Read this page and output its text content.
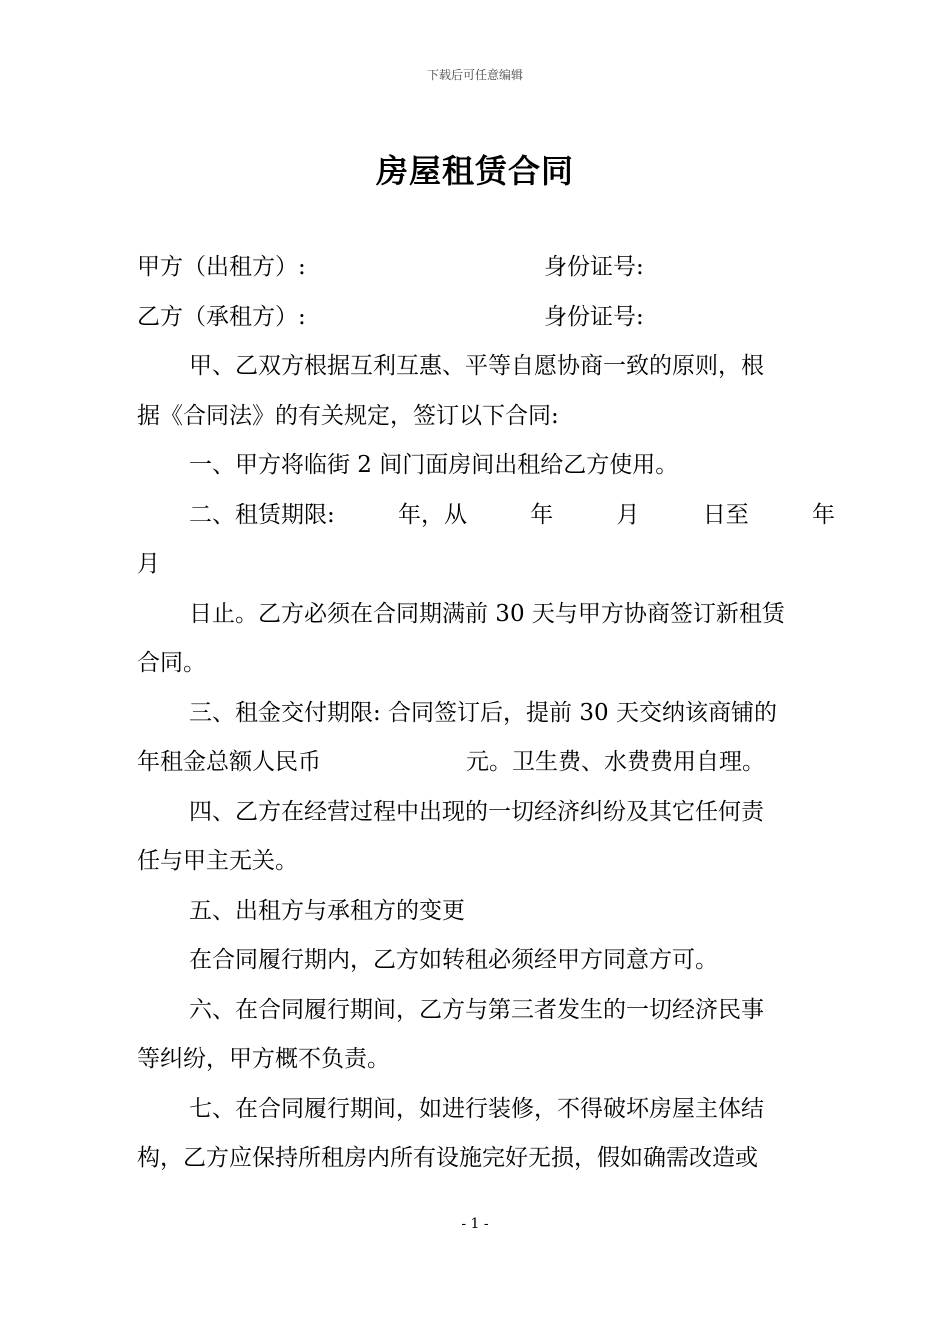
下载后可任意编辑
房屋租赁合同
甲方（出租方）:	身份证号:
乙方（承租方）:	身份证号:
甲、乙双方根据互利互惠、平等自愿协商一致的原则，根
据《合同法》的有关规定，签订以下合同:
一、甲方将临街 2 间门面房间出租给乙方使用。
二、租赁期限:	年，从	年	月	日至	年
月
日止。乙方必须在合同期满前 30 天与甲方协商签订新租赁
合同。
三、租金交付期限: 合同签订后，提前 30 天交纳该商铺的
年租金总额人民币	元。卫生费、水费费用自理。
四、乙方在经营过程中出现的一切经济纠纷及其它任何责
任与甲主无关。
五、出租方与承租方的变更
在合同履行期内，乙方如转租必须经甲方同意方可。
六、在合同履行期间，乙方与第三者发生的一切经济民事
等纠纷，甲方概不负责。
七、在合同履行期间，如进行装修，不得破坏房屋主体结
构，乙方应保持所租房内所有设施完好无损，假如确需改造或
- 1 -
